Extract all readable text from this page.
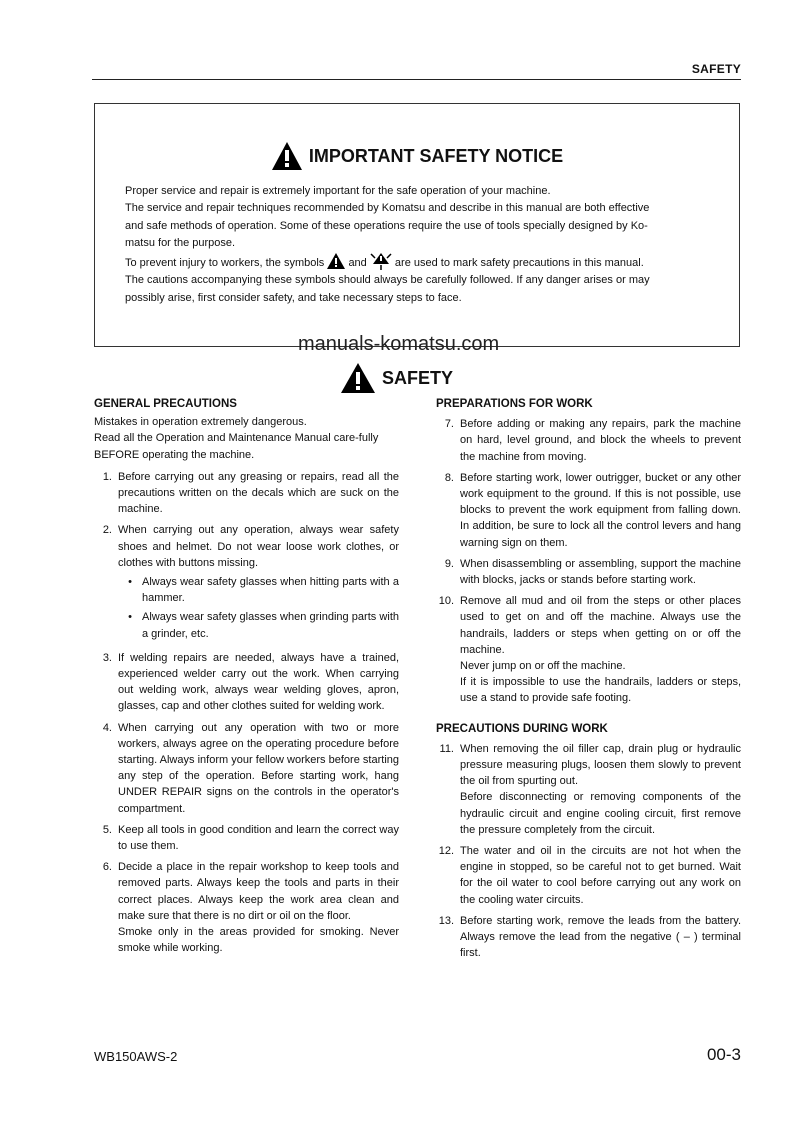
SAFETY
IMPORTANT SAFETY NOTICE

Proper service and repair is extremely important for the safe operation of your machine.

The service and repair techniques recommended by Komatsu and describe in this manual are both effective

and safe methods of operation. Some of these operations require the use of tools specially designed by Ko-

matsu for the purpose.

To prevent injury to workers, the symbols and	are used to mark safety precautions in this manual.

The cautions accompanying these symbols should always be carefully followed. If any danger arises or may

possibly arise, first consider safety, and take necessary steps to face.

manuals-komatsu.com
SAFETY
GENERAL PRECAUTIONS

Mistakes in operation extremely dangerous.

Read all the Operation and Maintenance Manual care-fully BEFORE operating the machine.

1. Before carrying out any greasing or repairs, read all the precautions written on the decals which are suck on the machine.
2. When carrying out any operation, always wear safety shoes and helmet. Do not wear loose work clothes, or clothes with buttons missing.
• Always wear safety glasses when hitting parts with a hammer.
• Always wear safety glasses when grinding parts with a grinder, etc.
3. If welding repairs are needed, always have a trained, experienced welder carry out the work. When carrying out welding work, always wear welding gloves, apron, glasses, cap and other clothes suited for welding work.
4. When carrying out any operation with two or more workers, always agree on the operating procedure before starting. Always inform your fellow workers before starting any step of the operation. Before starting work, hang UNDER REPAIR signs on the controls in the operator's compartment.
5. Keep all tools in good condition and learn the correct way to use them.
6. Decide a place in the repair workshop to keep tools and removed parts. Always keep the tools and parts in their correct places. Always keep the work area clean and make sure that there is no dirt or oil on the floor.
Smoke only in the areas provided for smoking. Never smoke while working.
PREPARATIONS FOR WORK
7. Before adding or making any repairs, park the machine on hard, level ground, and block the wheels to prevent the machine from moving.
8. Before starting work, lower outrigger, bucket or any other work equipment to the ground. If this is not possible, use blocks to prevent the work equipment from falling down. In addition, be sure to lock all the control levers and hang warning sign on them.
9. When disassembling or assembling, support the machine with blocks, jacks or stands before starting work.
10. Remove all mud and oil from the steps or other places used to get on and off the machine. Always use the handrails, ladders or steps when getting on or off the machine.
Never jump on or off the machine.
If it is impossible to use the handrails, ladders or steps, use a stand to provide safe footing.
PRECAUTIONS DURING WORK
11. When removing the oil filler cap, drain plug or hydraulic pressure measuring plugs, loosen them slowly to prevent the oil from spurting out.
Before disconnecting or removing components of the hydraulic circuit and engine cooling circuit, first remove the pressure completely from the circuit.
12. The water and oil in the circuits are not hot when the engine in stopped, so be careful not to get burned. Wait for the oil water to cool before carrying out any work on the cooling water circuits.
13. Before starting work, remove the leads from the battery. Always remove the lead from the negative ( – ) terminal first.
WB150AWS-2	00-3
